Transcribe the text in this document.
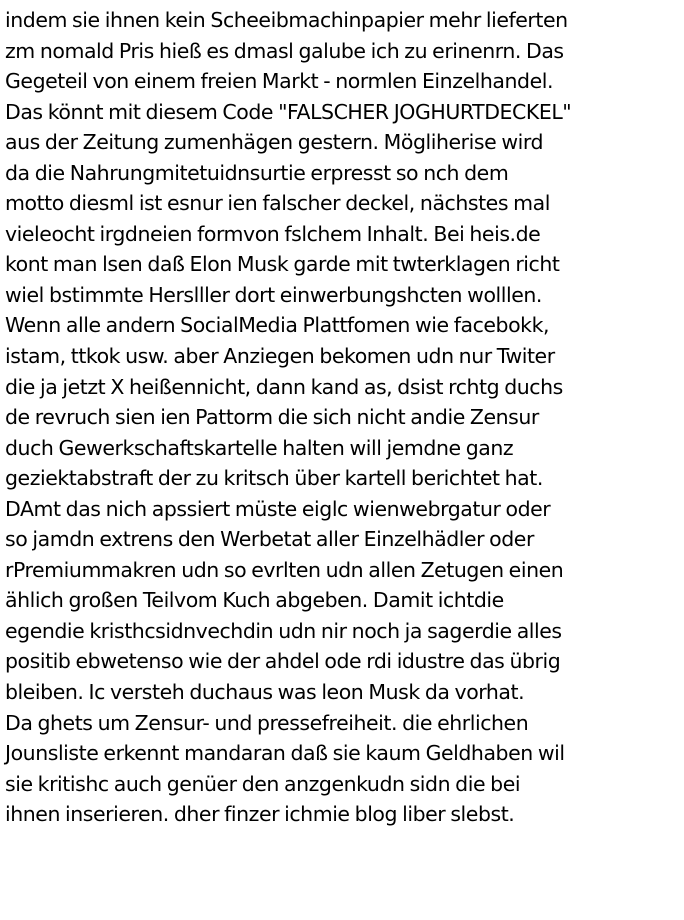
indem sie ihnen kein Scheeibmachinpapier mehr lieferten

zm nomald Pris hieß es dmasl galube ich zu erinenrn. Das

Gegeteil von einem freien Markt - normlen Einzelhandel.

Das könnt mit diesem Code "FALSCHER JOGHURTDECKEL"

aus der Zeitung zumenhägen gestern. Mögliherise wird

da die Nahrungmitetuidnsurtie erpresst so nch dem

motto diesml ist esnur ien falscher deckel, nächstes mal

vieleocht irgdneien formvon fslchem Inhalt. Bei heis.de

kont man lsen daß Elon Musk garde mit twterklagen richt

wiel bstimmte Herslller dort einwerbungshcten wolllen.

Wenn alle andern SocialMedia Plattfomen wie facebokk,

istam, ttkok usw. aber Anziegen bekomen udn nur Twiter

die ja jetzt X heißennicht, dann kand as, dsist rchtg duchs

de revruch sien ien Pattorm die sich nicht andie Zensur

duch Gewerkschaftskartelle halten will jemdne ganz

geziektabstraft der zu kritsch über kartell berichtet hat.

DAmt das nich apssiert müste eiglc wienwebrgatur oder

so jamdn extrens den Werbetat aller Einzelhädler oder

rPremiummakren udn so evrlten udn allen Zetugen einen

ählich großen Teilvom Kuch abgeben. Damit ichtdie

egendie kristhcsidnvechdin udn nir noch ja sagerdie alles

positib ebwetenso wie der ahdel ode rdi idustre das übrig

bleiben. Ic versteh duchaus was leon Musk da vorhat.

Da ghets um Zensur- und pressefreiheit. die ehrlichen

Jounsliste erkennt mandaran daß sie kaum Geldhaben wil

sie kritishc auch genüer den anzgenkudn sidn die bei

ihnen inserieren. dher finzer ichmie blog liber slebst.
